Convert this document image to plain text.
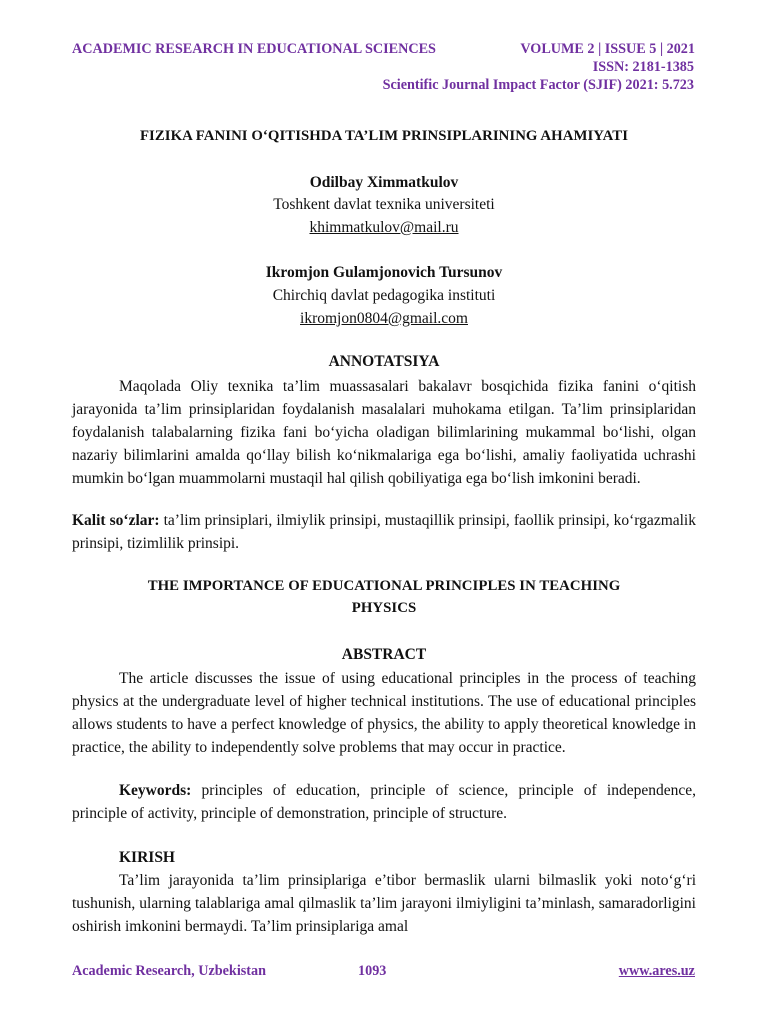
ACADEMIC RESEARCH IN EDUCATIONAL SCIENCES	VOLUME 2 | ISSUE 5 | 2021
ISSN: 2181-1385
Scientific Journal Impact Factor (SJIF) 2021: 5.723
FIZIKA FANINI O‘QITISHDA TA’LIM PRINSIPLARINING AHAMIYATI
Odilbay Ximmatkulov
Toshkent davlat texnika universiteti
khimmatkulov@mail.ru
Ikromjon Gulamjonovich Tursunov
Chirchiq davlat pedagogika instituti
ikromjon0804@gmail.com
ANNOTATSIYA

Maqolada Oliy texnika ta’lim muassasalari bakalavr bosqichida fizika fanini o‘qitish jarayonida ta’lim prinsiplaridan foydalanish masalalari muhokama etilgan. Ta’lim prinsiplaridan foydalanish talabalarning fizika fani bo‘yicha oladigan bilimlarining mukammal bo‘lishi, olgan nazariy bilimlarini amalda qo‘llay bilish ko‘nikmalariga ega bo‘lishi, amaliy faoliyatida uchrashi mumkin bo‘lgan muammolarni mustaqil hal qilish qobiliyatiga ega bo‘lish imkonini beradi.

Kalit so‘zlar: ta’lim prinsiplari, ilmiylik prinsipi, mustaqillik prinsipi, faollik prinsipi, ko‘rgazmalik prinsipi, tizimlilik prinsipi.

THE IMPORTANCE OF EDUCATIONAL PRINCIPLES IN TEACHING
PHYSICS
ABSTRACT

The article discusses the issue of using educational principles in the process of teaching physics at the undergraduate level of higher technical institutions. The use of educational principles allows students to have a perfect knowledge of physics, the ability to apply theoretical knowledge in practice, the ability to independently solve problems that may occur in practice.

Keywords: principles of education, principle of science, principle of independence, principle of activity, principle of demonstration, principle of structure.

KIRISH

Ta’lim jarayonida ta’lim prinsiplariga e’tibor bermaslik ularni bilmaslik yoki noto‘g‘ri tushunish, ularning talablariga amal qilmaslik ta’lim jarayoni ilmiyligini ta’minlash, samaradorligini oshirish imkonini bermaydi. Ta’lim prinsiplariga amal

Academic Research, Uzbekistan	1093	www.ares.uz
